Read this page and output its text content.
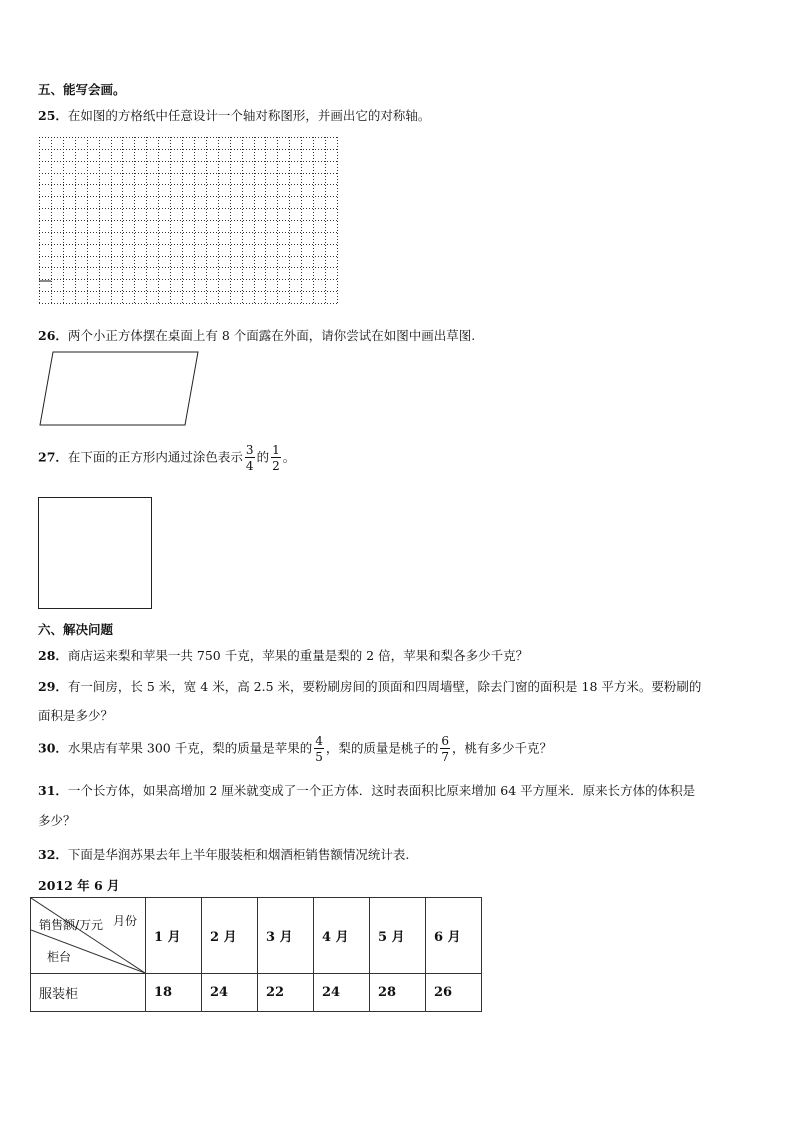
五、能写会画。
25．在如图的方格纸中任意设计一个轴对称图形，并画出它的对称轴。
26．两个小正方体摆在桌面上有 8 个面露在外面，请你尝试在如图中画出草图.
27．在下面的正方形内通过涂色表示 $\frac{3}{4}$ 的 $\frac{1}{2}$ 。
六、解决问题
28．商店运来梨和苹果一共 750 千克，苹果的重量是梨的 2 倍，苹果和梨各多少千克？
29．有一间房，长 5 米，宽 4 米，高 2.5 米，要粉刷房间的顶面和四周墙壁，除去门窗的面积是 18 平方米。要粉刷的
面积是多少？
30．水果店有苹果 300 千克，梨的质量是苹果的 $\frac{4}{5}$ ，梨的质量是桃子的 $\frac{6}{7}$ ，桃有多少千克？
31．一个长方体，如果高增加 2 厘米就变成了一个正方体．这时表面积比原来增加 64 平方厘米．原来长方体的体积是
多少？
32．下面是华润苏果去年上半年服装柜和烟酒柜销售额情况统计表.
2012 年 6 月
销售额/万元 月份
柜台	1 月	2 月	3 月	4 月	5 月	6 月
服装柜	18	24	22	24	28	26
